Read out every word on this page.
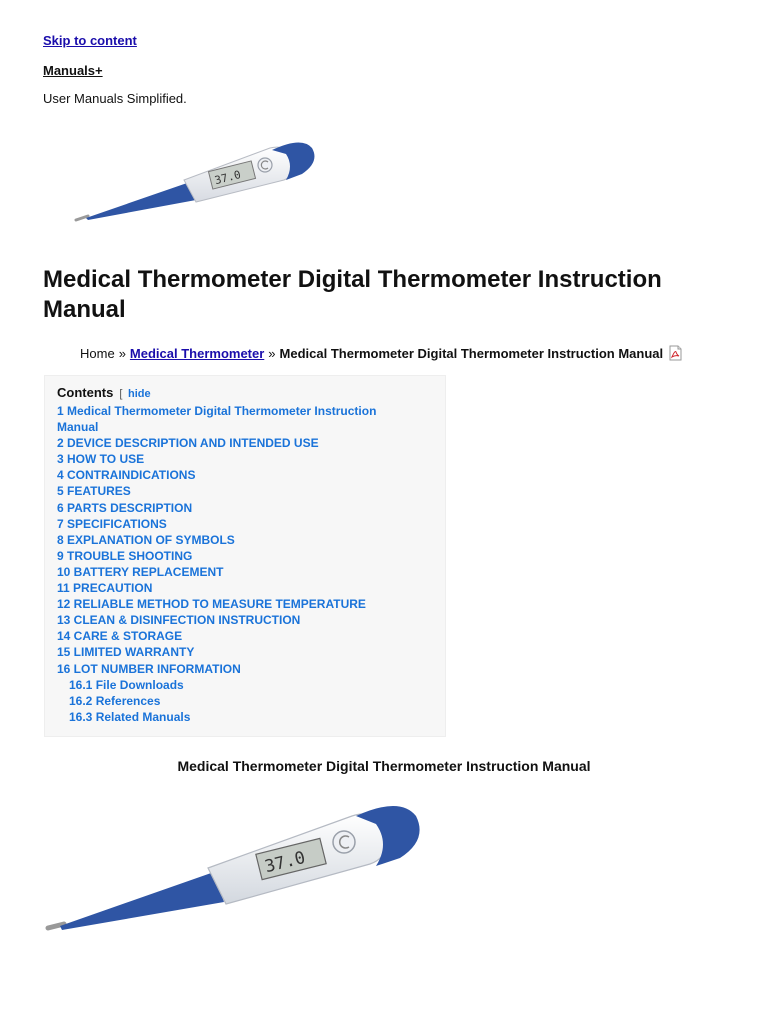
Skip to content
Manuals+
User Manuals Simplified.
37.0
Medical Thermometer Digital Thermometer Instruction Manual
Home » Medical Thermometer » Medical Thermometer Digital Thermometer Instruction Manual
Contents [ hide
1 Medical Thermometer Digital Thermometer Instruction
Manual
2 DEVICE DESCRIPTION AND INTENDED USE
3 HOW TO USE
4 CONTRAINDICATIONS
5 FEATURES
6 PARTS DESCRIPTION
7 SPECIFICATIONS
8 EXPLANATION OF SYMBOLS
9 TROUBLE SHOOTING
10 BATTERY REPLACEMENT
11 PRECAUTION
12 RELIABLE METHOD TO MEASURE TEMPERATURE
13 CLEAN & DISINFECTION INSTRUCTION
14 CARE & STORAGE
15 LIMITED WARRANTY
16 LOT NUMBER INFORMATION
16.1 File Downloads
16.2 References
16.3 Related Manuals
Medical Thermometer Digital Thermometer Instruction Manual
37.0
